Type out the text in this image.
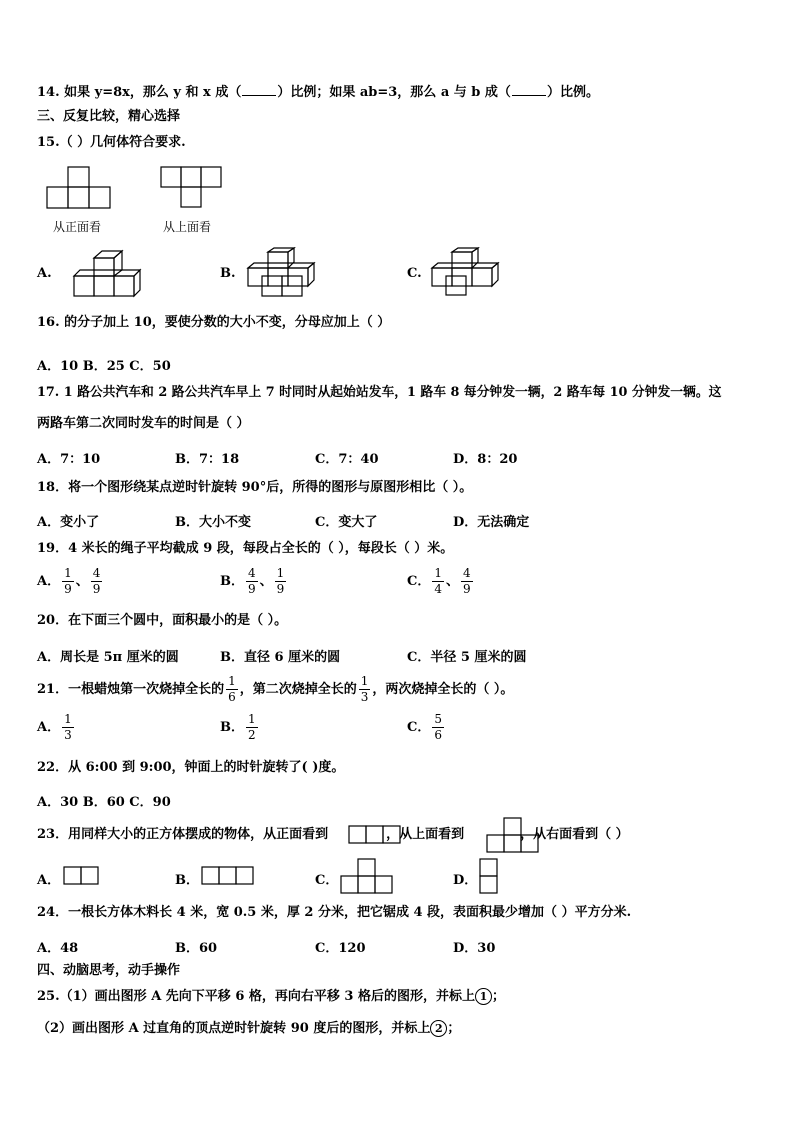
14. 如果 y=8x，那么 y 和 x 成（	）比例；如果 ab=3，那么 a 与 b 成（	）比例。
三、反复比较，精心选择
15.（ ）几何体符合要求.
从正面看	从上面看
A.	B.	C.
16. 的分子加上 10，要使分数的大小不变，分母应加上（ ）
A．10 B．25 C．50
17. 1 路公共汽车和 2 路公共汽车早上 7 时同时从起始站发车，1 路车 8 每分钟发一辆，2 路车每 10 分钟发一辆。这
两路车第二次同时发车的时间是（ ）
A．7：10	B．7：18	C．7：40	D．8：20
18．将一个图形绕某点逆时针旋转 90°后，所得的图形与原图形相比（ ）。
A．变小了	B．大小不变	C．变大了	D．无法确定
19．4 米长的绳子平均截成 9 段，每段占全长的（ ），每段长（ ）米。
A． $\frac{1}{9}$ 、 $\frac{4}{9}$	B． $\frac{4}{9}$ 、 $\frac{1}{9}$	C． $\frac{1}{4}$ 、 $\frac{4}{9}$
20．在下面三个圆中，面积最小的是（ ）。
A．周长是 5π 厘米的圆	B．直径 6 厘米的圆	C．半径 5 厘米的圆
21．一根蜡烛第一次烧掉全长的 $\frac{1}{6}$ ，第二次烧掉全长的 $\frac{1}{3}$ ，两次烧掉全长的（ ）。
A． $\frac{1}{3}$	B． $\frac{1}{2}$	C． $\frac{5}{6}$
22．从 6:00 到 9:00，钟面上的时针旋转了( )度。
A．30 B．60 C．90
23．用同样大小的正方体摆成的物体，从正面看到	，从上面看到	，从右面看到（ ）
A．	B．	C．	D．
24．一根长方体木料长 4 米，宽 0.5 米，厚 2 分米，把它锯成 4 段，表面积最少增加（ ）平方分米.
A．48	B．60	C．120	D．30
四、动脑思考，动手操作
25.（1）画出图形 A 先向下平移 6 格，再向右平移 3 格后的图形，并标上 1 ；
（2）画出图形 A 过直角的顶点逆时针旋转 90 度后的图形，并标上 2 ；
